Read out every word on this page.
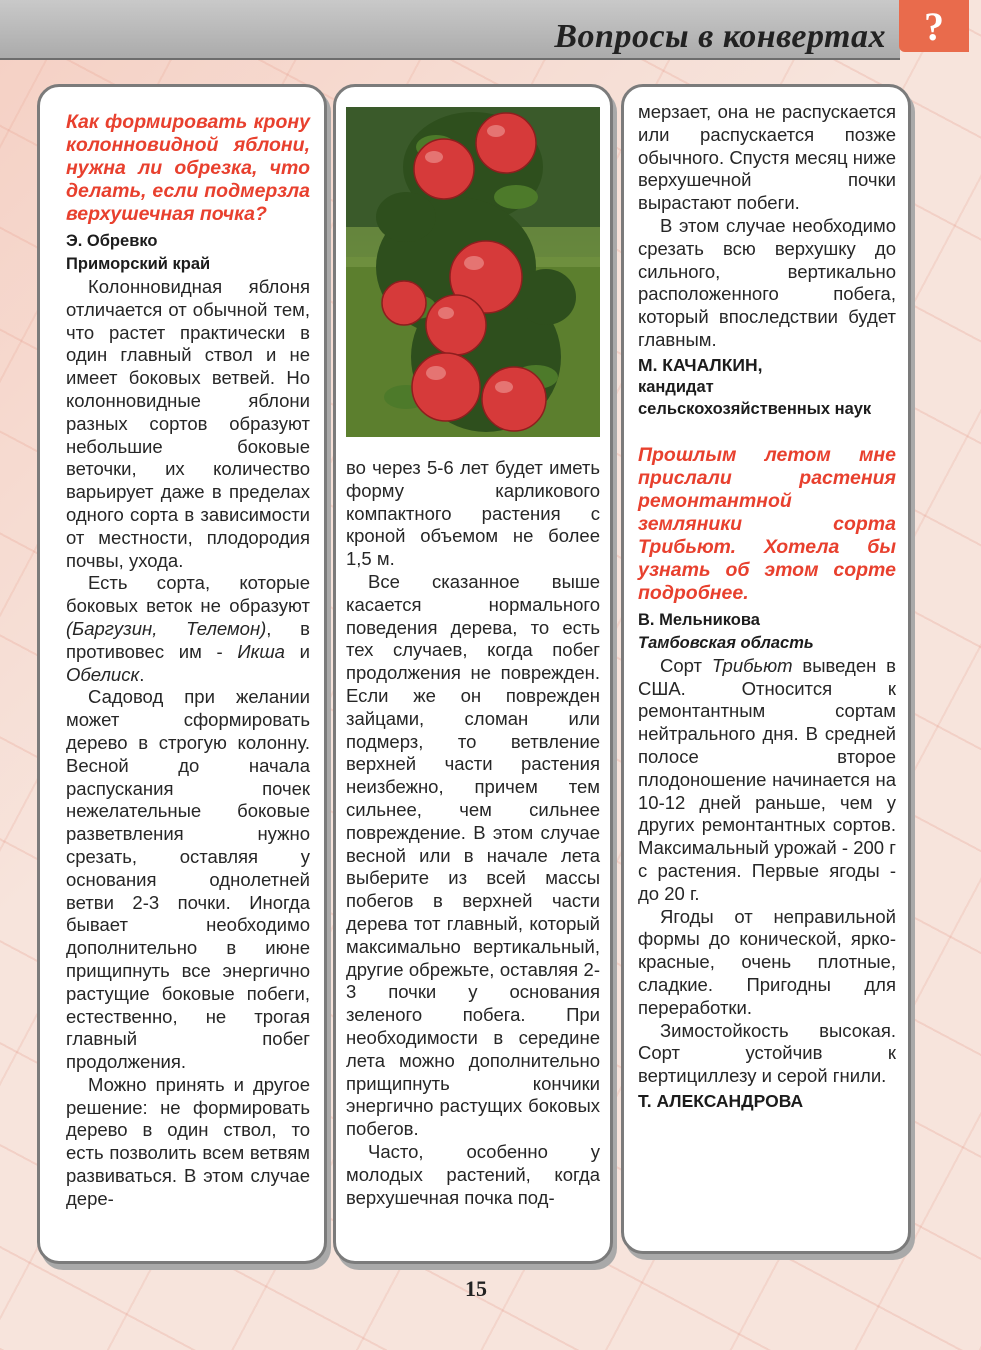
Вопросы в конвертах ?

Как формировать крону колонновидной яблони, нужна ли обрезка, что делать, если подмерзла верхушечная почка?

Э. Обревко
Приморский край

Колонновидная яблоня отличается от обычной тем, что растет практически в один главный ствол и не имеет боковых ветвей. Но колонновидные яблони разных сортов образуют небольшие боковые веточки, их количество варьирует даже в пределах одного сорта в зависимости от местности, плодородия почвы, ухода.

Есть сорта, которые боковых веток не образуют (Баргузин, Телемон), в противовес им - Икша и Обелиск.

Садовод при желании может сформировать дерево в строгую колонну. Весной до начала распускания почек нежелательные боковые разветвления нужно срезать, оставляя у основания однолетней ветви 2-3 почки. Иногда бывает необходимо дополнительно в июне прищипнуть все энергично растущие боковые побеги, естественно, не трогая главный побег продолжения.

Можно принять и другое решение: не формировать дерево в один ствол, то есть позволить всем ветвям развиваться. В этом случае дере-

во через 5-6 лет будет иметь форму карликового компактного растения с кроной объемом не более 1,5 м.

Все сказанное выше касается нормального поведения дерева, то есть тех случаев, когда побег продолжения не поврежден. Если же он поврежден зайцами, сломан или подмерз, то ветвление верхней части растения неизбежно, причем тем сильнее, чем сильнее повреждение. В этом случае весной или в начале лета выберите из всей массы побегов в верхней части дерева тот главный, который максимально вертикальный, другие обрежьте, оставляя 2-3 почки у основания зеленого побега. При необходимости в середине лета можно дополнительно прищипнуть кончики энергично растущих боковых побегов.

Часто, особенно у молодых растений, когда верхушечная почка под-

мерзает, она не распускается или распускается позже обычного. Спустя месяц ниже верхушечной почки вырастают побеги.

В этом случае необходимо срезать всю верхушку до сильного, вертикально расположенного побега, который впоследствии будет главным.

М. КАЧАЛКИН,
кандидат сельскохозяйственных наук

Прошлым летом мне прислали растения ремонтантной земляники сорта Трибьют. Хотела бы узнать об этом сорте подробнее.

В. Мельникова
Тамбовская область

Сорт Трибьют выведен в США. Относится к ремонтантным сортам нейтрального дня. В средней полосе второе плодоношение начинается на 10-12 дней раньше, чем у других ремонтантных сортов. Максимальный урожай - 200 г с растения. Первые ягоды - до 20 г.

Ягоды от неправильной формы до конической, ярко-красные, очень плотные, сладкие. Пригодны для переработки.

Зимостойкость высокая. Сорт устойчив к вертициллезу и серой гнили.

Т. АЛЕКСАНДРОВА
15
